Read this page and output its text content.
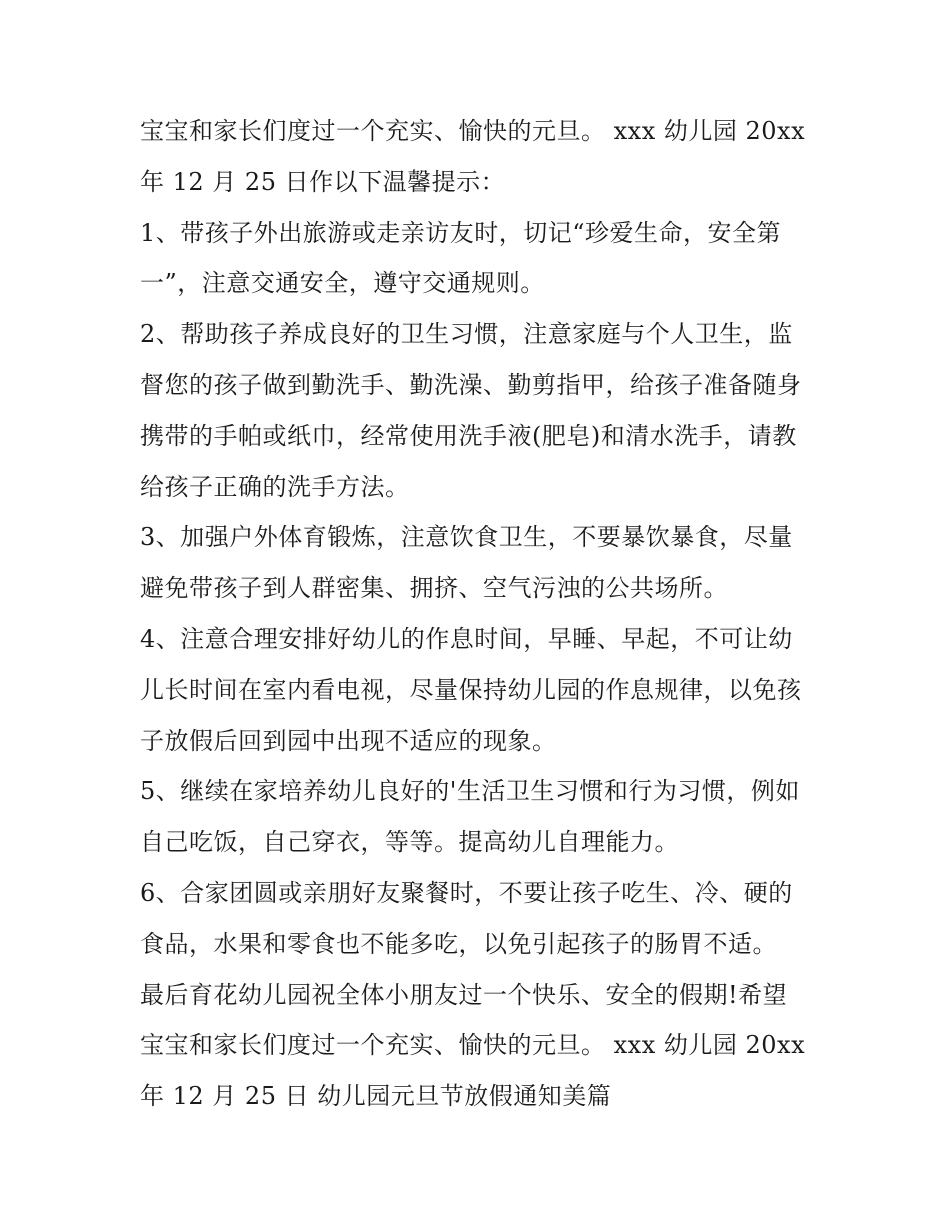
宝宝和家长们度过一个充实、愉快的元旦。 xxx 幼儿园 20xx
年 12 月 25 日作以下温馨提示：
1、带孩子外出旅游或走亲访友时，切记“珍爱生命，安全第
一”，注意交通安全，遵守交通规则。
2、帮助孩子养成良好的卫生习惯，注意家庭与个人卫生，监
督您的孩子做到勤洗手、勤洗澡、勤剪指甲，给孩子准备随身
携带的手帕或纸巾，经常使用洗手液(肥皂)和清水洗手，请教
给孩子正确的洗手方法。
3、加强户外体育锻炼，注意饮食卫生，不要暴饮暴食，尽量
避免带孩子到人群密集、拥挤、空气污浊的公共场所。
4、注意合理安排好幼儿的作息时间，早睡、早起，不可让幼
儿长时间在室内看电视，尽量保持幼儿园的作息规律，以免孩
子放假后回到园中出现不适应的现象。
5、继续在家培养幼儿良好的'生活卫生习惯和行为习惯，例如
自己吃饭，自己穿衣，等等。提高幼儿自理能力。
6、合家团圆或亲朋好友聚餐时，不要让孩子吃生、冷、硬的
食品，水果和零食也不能多吃，以免引起孩子的肠胃不适。
最后育花幼儿园祝全体小朋友过一个快乐、安全的假期!希望
宝宝和家长们度过一个充实、愉快的元旦。 xxx 幼儿园 20xx
年 12 月 25 日 幼儿园元旦节放假通知美篇
